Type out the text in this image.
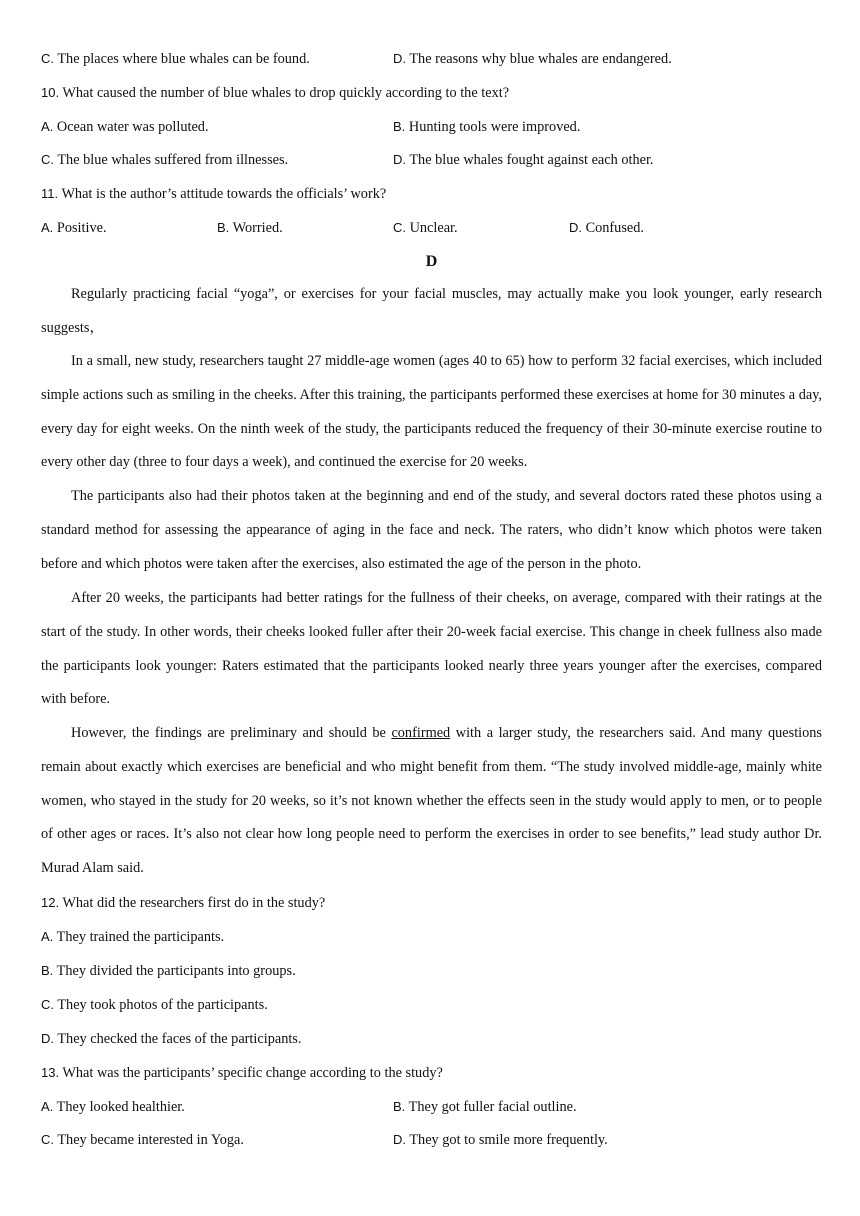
C. The places where blue whales can be found.	D. The reasons why blue whales are endangered.
10. What caused the number of blue whales to drop quickly according to the text?
A. Ocean water was polluted.	B. Hunting tools were improved.
C. The blue whales suffered from illnesses.	D. The blue whales fought against each other.
11. What is the author’s attitude towards the officials’ work?
A. Positive.	B. Worried.	C. Unclear.	D. Confused.
D

Regularly practicing facial “yoga”, or exercises for your facial muscles, may actually make you look younger, early research suggests，

In a small, new study, researchers taught 27 middle-age women (ages 40 to 65) how to perform 32 facial exercises, which included simple actions such as smiling in the cheeks. After this training, the participants performed these exercises at home for 30 minutes a day, every day for eight weeks. On the ninth week of the study, the participants reduced the frequency of their 30-minute exercise routine to every other day (three to four days a week), and continued the exercise for 20 weeks.

The participants also had their photos taken at the beginning and end of the study, and several doctors rated these photos using a standard method for assessing the appearance of aging in the face and neck. The raters, who didn’t know which photos were taken before and which photos were taken after the exercises, also estimated the age of the person in the photo.

After 20 weeks, the participants had better ratings for the fullness of their cheeks, on average, compared with their ratings at the start of the study. In other words, their cheeks looked fuller after their 20-week facial exercise. This change in cheek fullness also made the participants look younger: Raters estimated that the participants looked nearly three years younger after the exercises, compared with before.

However, the findings are preliminary and should be confirmed with a larger study, the researchers said. And many questions remain about exactly which exercises are beneficial and who might benefit from them. “The study involved middle-age, mainly white women, who stayed in the study for 20 weeks, so it’s not known whether the effects seen in the study would apply to men, or to people of other ages or races. It’s also not clear how long people need to perform the exercises in order to see benefits,” lead study author Dr. Murad Alam said.

12. What did the researchers first do in the study?
A. They trained the participants.
B. They divided the participants into groups.
C. They took photos of the participants.
D. They checked the faces of the participants.
13. What was the participants’ specific change according to the study?
A. They looked healthier.	B. They got fuller facial outline.
C. They became interested in Yoga.	D. They got to smile more frequently.
